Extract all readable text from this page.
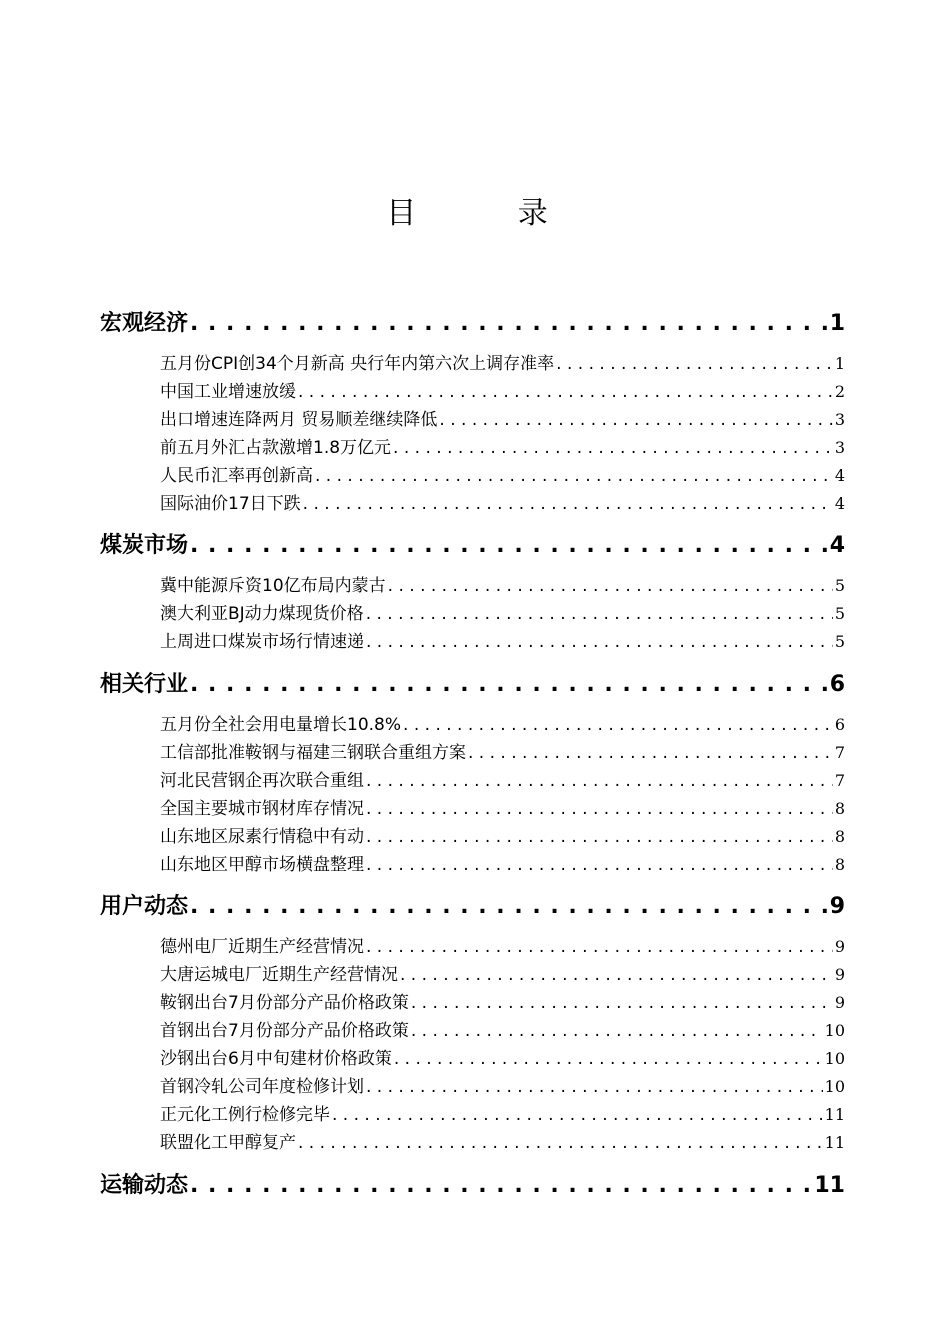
目 录
宏观经济 . . .	1
五月份CPI创34个月新高 央行年内第六次上调存准率 . . .	1
中国工业增速放缓 . . .	2
出口增速连降两月 贸易顺差继续降低 . . .	3
前五月外汇占款激增1.8万亿元 . . .	3
人民币汇率再创新高 . . .	4
国际油价17日下跌 . . .	4
煤炭市场 . . .	4
冀中能源斥资10亿布局内蒙古 . . .	5
澳大利亚BJ动力煤现货价格 . . .	5
上周进口煤炭市场行情速递 . . .	5
相关行业 . . .	6
五月份全社会用电量增长10.8% . . .	6
工信部批准鞍钢与福建三钢联合重组方案 . . .	7
河北民营钢企再次联合重组 . . .	7
全国主要城市钢材库存情况 . . .	8
山东地区尿素行情稳中有动 . . .	8
山东地区甲醇市场横盘整理 . . .	8
用户动态 . . .	9
德州电厂近期生产经营情况 . . .	9
大唐运城电厂近期生产经营情况 . . .	9
鞍钢出台7月份部分产品价格政策 . . .	9
首钢出台7月份部分产品价格政策 . . .	10
沙钢出台6月中旬建材价格政策 . . .	10
首钢冷轧公司年度检修计划 . . .	10
正元化工例行检修完毕 . . .	11
联盟化工甲醇复产 . . .	11
运输动态 . . .	11
